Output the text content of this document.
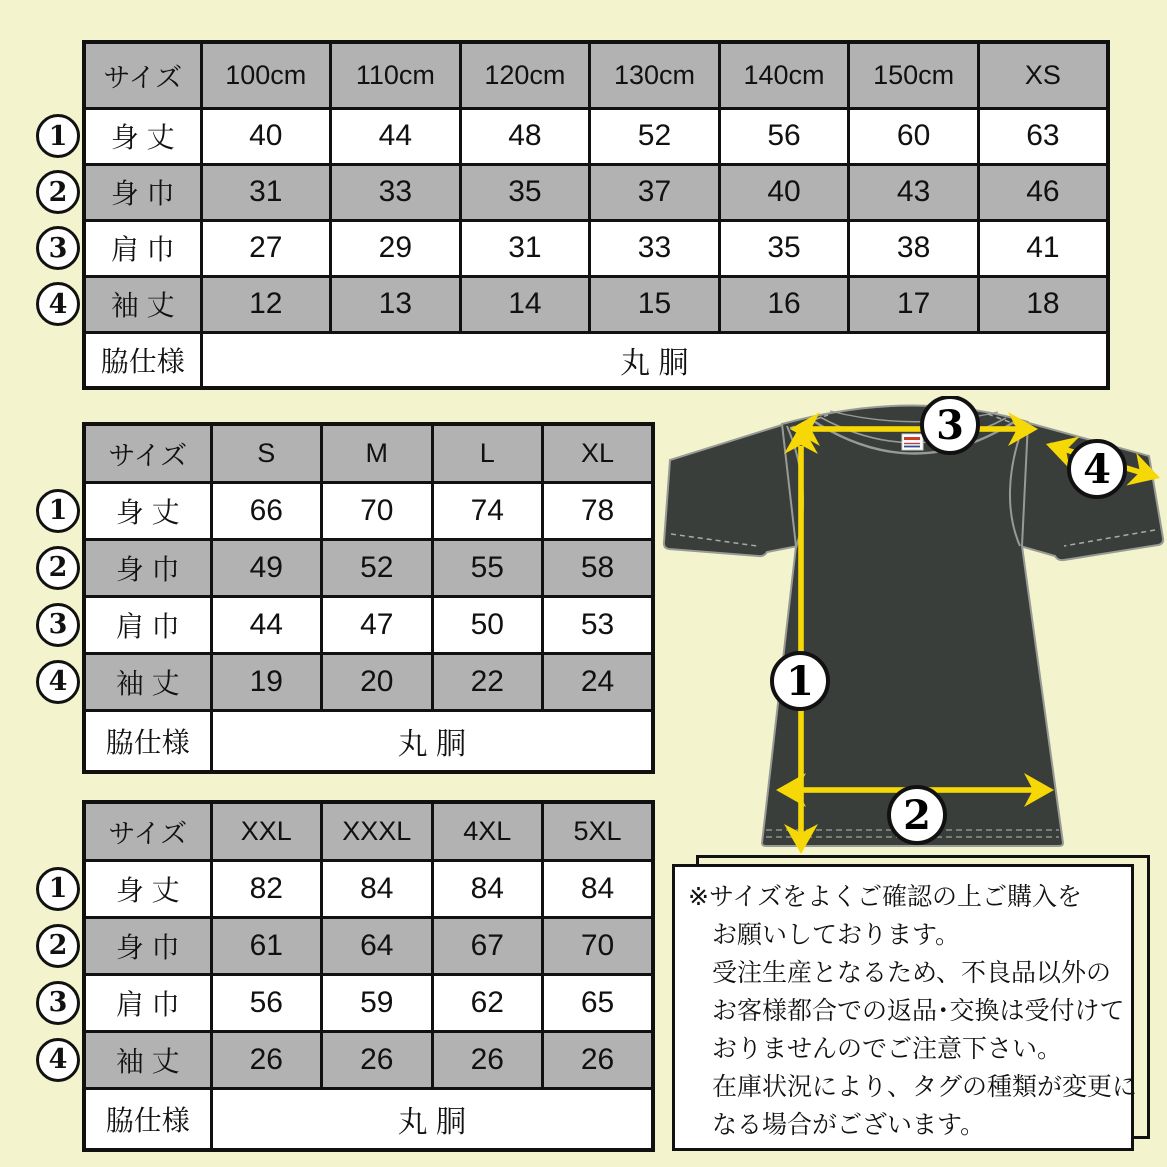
サイズ	100cm	110cm	120cm	130cm	140cm	150cm	XS

1 身 丈	40	44	48	52	56	60	63

2 身 巾	31	33	35	37	40	43	46

3 肩 巾	27	29	31	33	35	38	41

4 袖 丈	12	13	14	15	16	17	18
脇仕様	丸 胴						
サイズ	S	M	L	XL

1 身 丈	66	70	74	78

2 身 巾	49	52	55	58

3 肩 巾	44	47	50	53

4 袖 丈	19	20	22	24
脇仕様	丸 胴			
サイズ	XXL	XXXL	4XL	5XL

1 身 丈	82	84	84	84

2 身 巾	61	64	67	70

3 肩 巾	56	59	62	65

4 袖 丈	26	26	26	26
脇仕様	丸 胴			
3
4
1
2
※サイズをよくご確認の上ご購入を
お願いしております。
受注生産となるため、不良品以外の
お客様都合での返品･交換は受付けて
おりませんのでご注意下さい。
在庫状況により、タグの種類が変更に
なる場合がございます。
